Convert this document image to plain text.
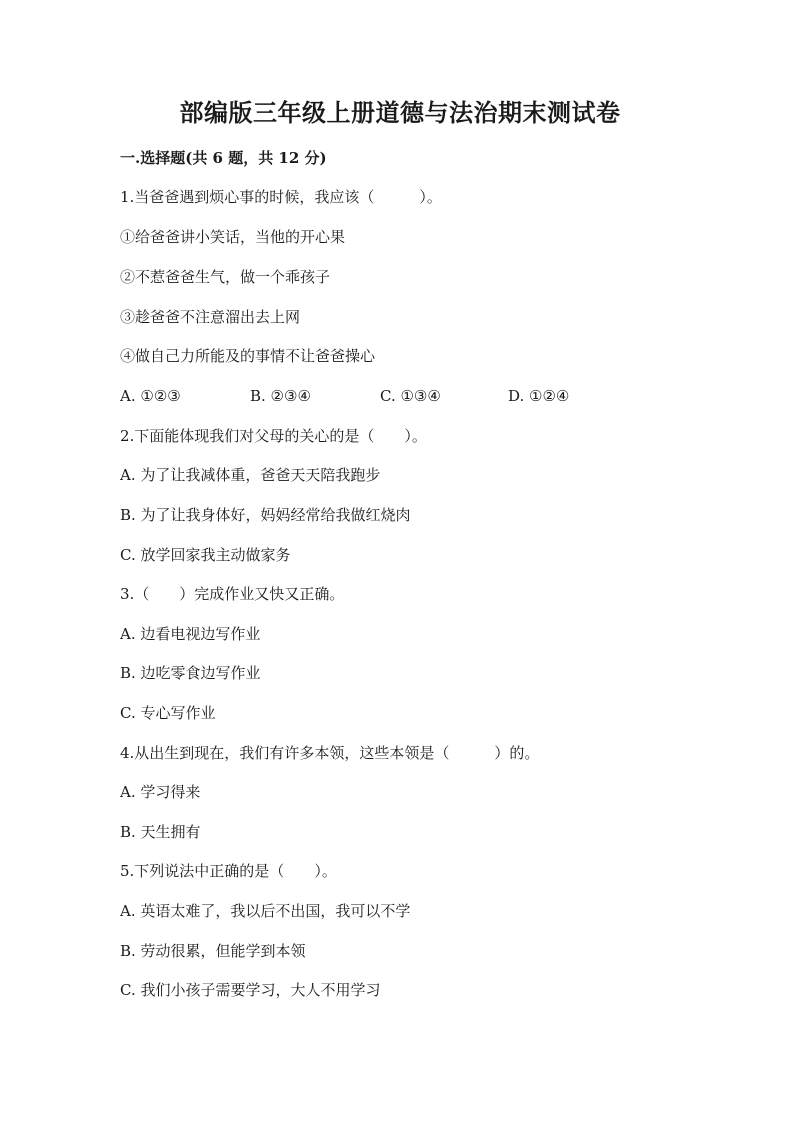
部编版三年级上册道德与法治期末测试卷
一.选择题(共 6 题，共 12 分)
1.当爸爸遇到烦心事的时候，我应该（　　　）。
①给爸爸讲小笑话，当他的开心果
②不惹爸爸生气，做一个乖孩子
③趁爸爸不注意溜出去上网
④做自己力所能及的事情不让爸爸操心
A. ①②③	B. ②③④	C. ①③④	D. ①②④
2.下面能体现我们对父母的关心的是（　　）。
A. 为了让我减体重，爸爸天天陪我跑步
B. 为了让我身体好，妈妈经常给我做红烧肉
C. 放学回家我主动做家务
3.（　　）完成作业又快又正确。
A. 边看电视边写作业
B. 边吃零食边写作业
C. 专心写作业
4.从出生到现在，我们有许多本领，这些本领是（　　　）的。
A. 学习得来
B. 天生拥有
5.下列说法中正确的是（　　）。
A. 英语太难了，我以后不出国，我可以不学
B. 劳动很累，但能学到本领
C. 我们小孩子需要学习，大人不用学习
